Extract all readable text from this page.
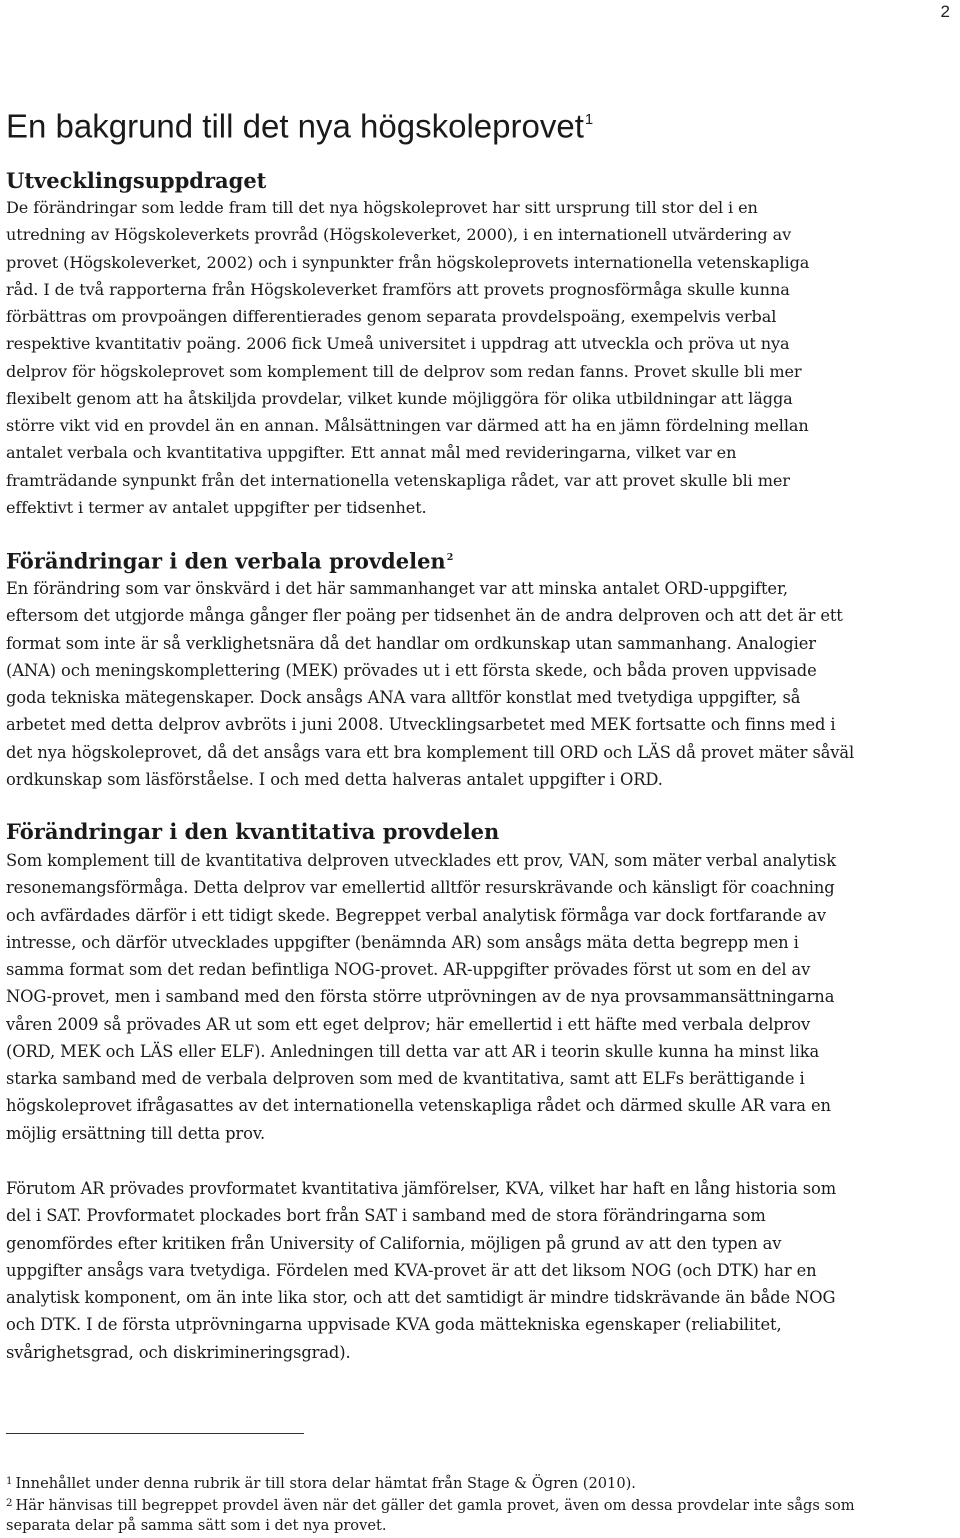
2
En bakgrund till det nya högskoleprovet$^1$
Utvecklingsuppdraget
De förändringar som ledde fram till det nya högskoleprovet har sitt ursprung till stor del i en
utredning av Högskoleverkets provråd (Högskoleverket, 2000), i en internationell utvärdering av
provet (Högskoleverket, 2002) och i synpunkter från högskoleprovets internationella vetenskapliga
råd. I de två rapporterna från Högskoleverket framförs att provets prognosförmåga skulle kunna
förbättras om provpoängen differentierades genom separata provdelspoäng, exempelvis verbal
respektive kvantitativ poäng. 2006 fick Umeå universitet i uppdrag att utveckla och pröva ut nya
delprov för högskoleprovet som komplement till de delprov som redan fanns. Provet skulle bli mer
flexibelt genom att ha åtskiljda provdelar, vilket kunde möjliggöra för olika utbildningar att lägga
större vikt vid en provdel än en annan. Målsättningen var därmed att ha en jämn fördelning mellan
antalet verbala och kvantitativa uppgifter. Ett annat mål med revideringarna, vilket var en
framträdande synpunkt från det internationella vetenskapliga rådet, var att provet skulle bli mer
effektivt i termer av antalet uppgifter per tidsenhet.
Förändringar i den verbala provdelen$^2$
En förändring som var önskvärd i det här sammanhanget var att minska antalet ORD-uppgifter,
eftersom det utgjorde många gånger fler poäng per tidsenhet än de andra delproven och att det är ett
format som inte är så verklighetsnära då det handlar om ordkunskap utan sammanhang. Analogier
(ANA) och meningskomplettering (MEK) prövades ut i ett första skede, och båda proven uppvisade
goda tekniska mätegenskaper. Dock ansågs ANA vara alltför konstlat med tvetydiga uppgifter, så
arbetet med detta delprov avbröts i juni 2008. Utvecklingsarbetet med MEK fortsatte och finns med i
det nya högskoleprovet, då det ansågs vara ett bra komplement till ORD och LÄS då provet mäter såväl
ordkunskap som läsförståelse. I och med detta halveras antalet uppgifter i ORD.
Förändringar i den kvantitativa provdelen
Som komplement till de kvantitativa delproven utvecklades ett prov, VAN, som mäter verbal analytisk
resonemangsförmåga. Detta delprov var emellertid alltför resurskrävande och känsligt för coachning
och avfärdades därför i ett tidigt skede. Begreppet verbal analytisk förmåga var dock fortfarande av
intresse, och därför utvecklades uppgifter (benämnda AR) som ansågs mäta detta begrepp men i
samma format som det redan befintliga NOG-provet. AR-uppgifter prövades först ut som en del av
NOG-provet, men i samband med den första större utprövningen av de nya provsammansättningarna
våren 2009 så prövades AR ut som ett eget delprov; här emellertid i ett häfte med verbala delprov
(ORD, MEK och LÄS eller ELF). Anledningen till detta var att AR i teorin skulle kunna ha minst lika
starka samband med de verbala delproven som med de kvantitativa, samt att ELFs berättigande i
högskoleprovet ifrågasattes av det internationella vetenskapliga rådet och därmed skulle AR vara en
möjlig ersättning till detta prov.
Förutom AR prövades provformatet kvantitativa jämförelser, KVA, vilket har haft en lång historia som
del i SAT. Provformatet plockades bort från SAT i samband med de stora förändringarna som
genomfördes efter kritiken från University of California, möjligen på grund av att den typen av
uppgifter ansågs vara tvetydiga. Fördelen med KVA-provet är att det liksom NOG (och DTK) har en
analytisk komponent, om än inte lika stor, och att det samtidigt är mindre tidskrävande än både NOG
och DTK. I de första utprövningarna uppvisade KVA goda mättekniska egenskaper (reliabilitet,
svårighetsgrad, och diskrimineringsgrad).
$^1$ Innehållet under denna rubrik är till stora delar hämtat från Stage & Ögren (2010).
$^2$ Här hänvisas till begreppet provdel även när det gäller det gamla provet, även om dessa provdelar inte sågs som
separata delar på samma sätt som i det nya provet.
